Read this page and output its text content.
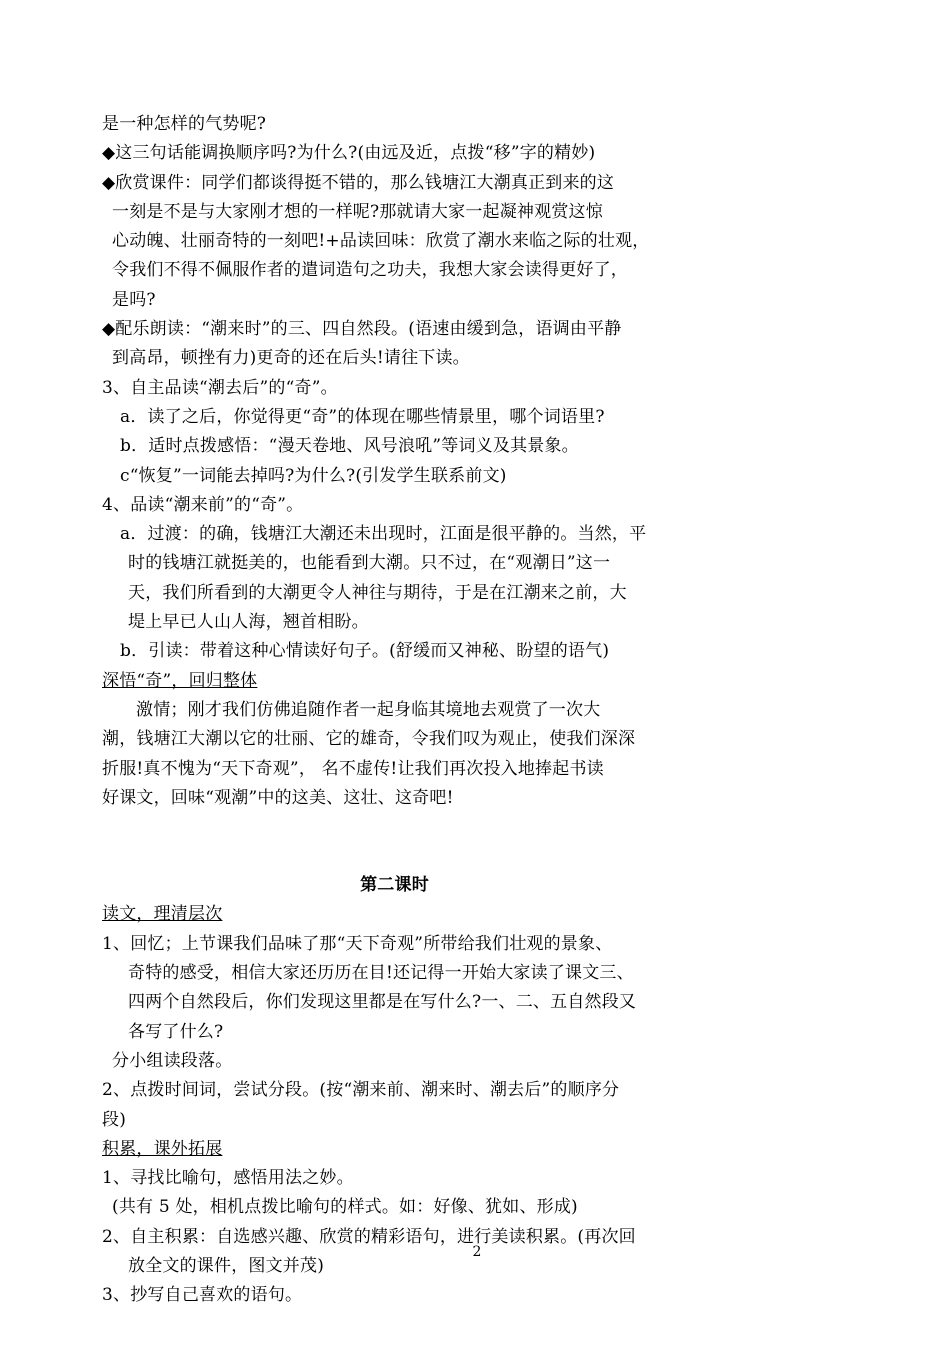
是一种怎样的气势呢?
◆这三句话能调换顺序吗?为什么?(由远及近，点拨“移”字的精妙)
◆欣赏课件：同学们都谈得挺不错的，那么钱塘江大潮真正到来的这
一刻是不是与大家刚才想的一样呢?那就请大家一起凝神观赏这惊
心动魄、壮丽奇特的一刻吧!+品读回味：欣赏了潮水来临之际的壮观，
令我们不得不佩服作者的遣词造句之功夫，我想大家会读得更好了，
是吗?
◆配乐朗读：“潮来时”的三、四自然段。(语速由缓到急，语调由平静
到高昂，顿挫有力)更奇的还在后头!请往下读。
3、自主品读“潮去后”的“奇”。
a．读了之后，你觉得更“奇”的体现在哪些情景里，哪个词语里?
b．适时点拨感悟：“漫天卷地、风号浪吼”等词义及其景象。
c“恢复”一词能去掉吗?为什么?(引发学生联系前文)
4、品读“潮来前”的“奇”。
a．过渡：的确，钱塘江大潮还未出现时，江面是很平静的。当然，平
时的钱塘江就挺美的，也能看到大潮。只不过，在“观潮日”这一
天，我们所看到的大潮更令人神往与期待，于是在江潮来之前，大
堤上早已人山人海，翘首相盼。
b．引读：带着这种心情读好句子。(舒缓而又神秘、盼望的语气)
深悟“奇”，回归整体
激情；刚才我们仿佛追随作者一起身临其境地去观赏了一次大
潮，钱塘江大潮以它的壮丽、它的雄奇，令我们叹为观止，使我们深深
折服!真不愧为“天下奇观”， 名不虚传!让我们再次投入地捧起书读
好课文，回味“观潮”中的这美、这壮、这奇吧!
第二课时
读文，理清层次
1、回忆；上节课我们品味了那“天下奇观”所带给我们壮观的景象、
奇特的感受，相信大家还历历在目!还记得一开始大家读了课文三、
四两个自然段后，你们发现这里都是在写什么?一、二、五自然段又
各写了什么?
分小组读段落。
2、点拨时间词，尝试分段。(按“潮来前、潮来时、潮去后”的顺序分
段)
积累，课外拓展
1、寻找比喻句，感悟用法之妙。
(共有 5 处，相机点拨比喻句的样式。如：好像、犹如、形成)
2、自主积累：自选感兴趣、欣赏的精彩语句，进行美读积累。(再次回
放全文的课件，图文并茂)
3、抄写自己喜欢的语句。
2
